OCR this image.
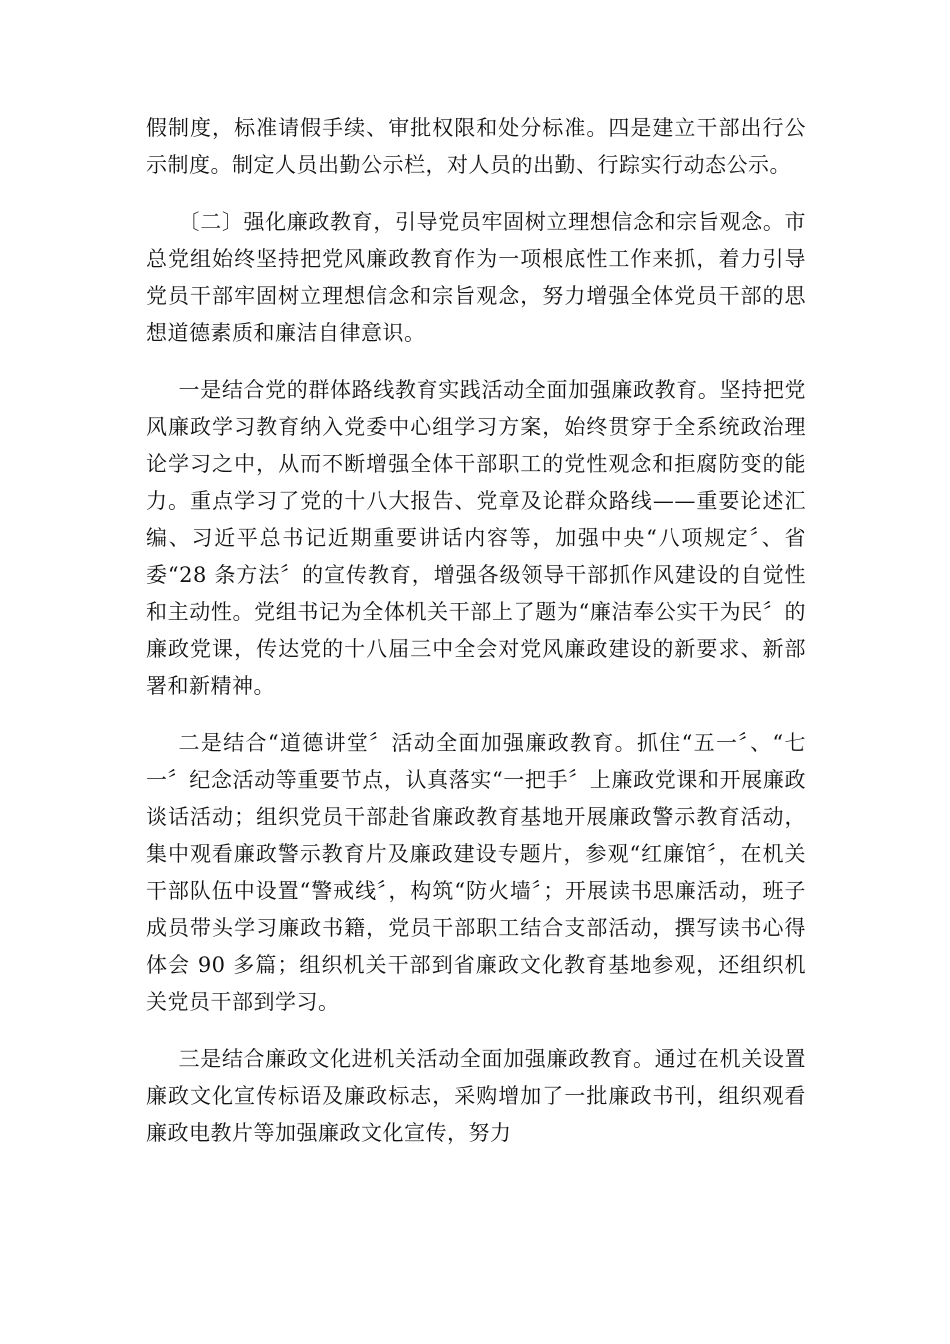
假制度，标准请假手续、审批权限和处分标准。四是建立干部出行公示制度。制定人员出勤公示栏，对人员的出勤、行踪实行动态公示。

〔二〕强化廉政教育，引导党员牢固树立理想信念和宗旨观念。市总党组始终坚持把党风廉政教育作为一项根底性工作来抓，着力引导党员干部牢固树立理想信念和宗旨观念，努力增强全体党员干部的思想道德素质和廉洁自律意识。

一是结合党的群体路线教育实践活动全面加强廉政教育。坚持把党风廉政学习教育纳入党委中心组学习方案，始终贯穿于全系统政治理论学习之中，从而不断增强全体干部职工的党性观念和拒腐防变的能力。重点学习了党的十八大报告、党章及论群众路线——重要论述汇编、习近平总书记近期重要讲话内容等，加强中央“八项规定〞、省委“28 条方法〞的宣传教育，增强各级领导干部抓作风建设的自觉性和主动性。党组书记为全体机关干部上了题为“廉洁奉公实干为民〞的廉政党课，传达党的十八届三中全会对党风廉政建设的新要求、新部署和新精神。

二是结合“道德讲堂〞活动全面加强廉政教育。抓住“五一〞、“七一〞纪念活动等重要节点，认真落实“一把手〞上廉政党课和开展廉政谈话活动；组织党员干部赴省廉政教育基地开展廉政警示教育活动，集中观看廉政警示教育片及廉政建设专题片，参观“红廉馆〞，在机关干部队伍中设置“警戒线〞，构筑“防火墙〞；开展读书思廉活动，班子成员带头学习廉政书籍，党员干部职工结合支部活动，撰写读书心得体会 90 多篇；组织机关干部到省廉政文化教育基地参观，还组织机关党员干部到学习。

三是结合廉政文化进机关活动全面加强廉政教育。通过在机关设置廉政文化宣传标语及廉政标志，采购增加了一批廉政书刊，组织观看廉政电教片等加强廉政文化宣传，努力
